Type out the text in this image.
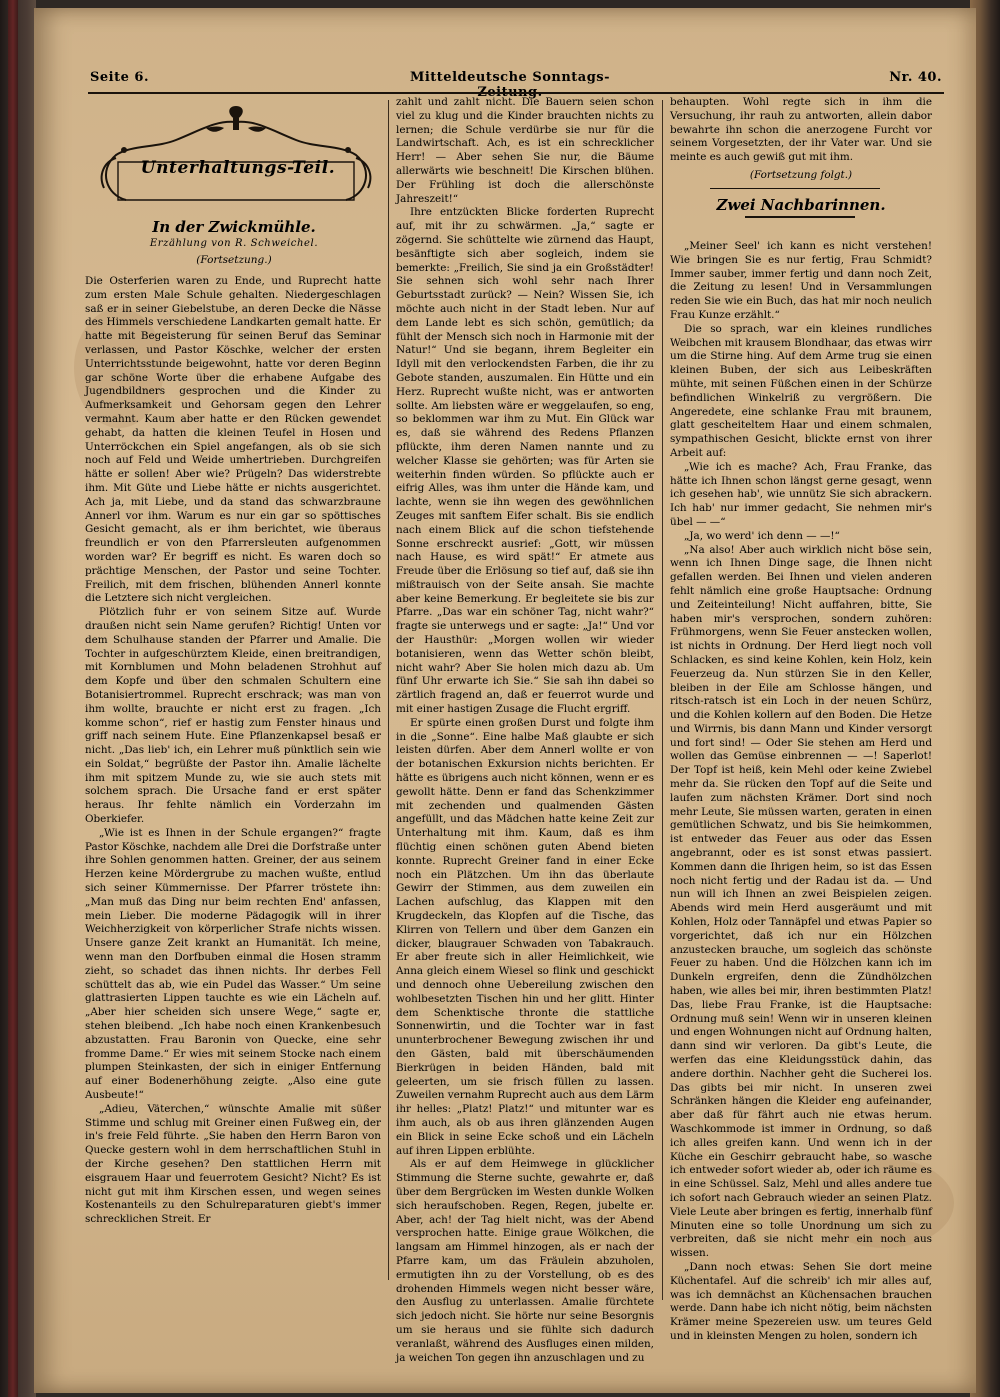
Seite 6.	Mitteldeutsche Sonntags-Zeitung.
Nr. 40.
Unterhaltungs-Teil.
In der Zwickmühle.
Erzählung von R. Schweichel.
(Fortsetzung.)

Die Osterferien waren zu Ende, und Ruprecht hatte zum ersten Male Schule gehalten. Niedergeschlagen saß er in seiner Giebelstube, an deren Decke die Nässe des Himmels verschiedene Landkarten gemalt hatte. Er hatte mit Begeisterung für seinen Beruf das Seminar verlassen, und Pastor Köschke, welcher der ersten Unterrichtsstunde beigewohnt, hatte vor deren Beginn gar schöne Worte über die erhabene Aufgabe des Jugendbildners gesprochen und die Kinder zu Aufmerksamkeit und Gehorsam gegen den Lehrer vermahnt. Kaum aber hatte er den Rücken gewendet gehabt, da hatten die kleinen Teufel in Hosen und Unterröckchen ein Spiel angefangen, als ob sie sich noch auf Feld und Weide umhertrieben. Durchgreifen hätte er sollen! Aber wie? Prügeln? Das widerstrebte ihm. Mit Güte und Liebe hätte er nichts ausgerichtet. Ach ja, mit Liebe, und da stand das schwarzbraune Annerl vor ihm. Warum es nur ein gar so spöttisches Gesicht gemacht, als er ihm berichtet, wie überaus freundlich er von den Pfarrersleuten aufgenommen worden war? Er begriff es nicht. Es waren doch so prächtige Menschen, der Pastor und seine Tochter. Freilich, mit dem frischen, blühenden Annerl konnte die Letztere sich nicht vergleichen.

Plötzlich fuhr er von seinem Sitze auf. Wurde draußen nicht sein Name gerufen? Richtig! Unten vor dem Schulhause standen der Pfarrer und Amalie. Die Tochter in aufgeschürztem Kleide, einen breitrandigen, mit Kornblumen und Mohn beladenen Strohhut auf dem Kopfe und über den schmalen Schultern eine Botanisiertrommel. Ruprecht erschrack; was man von ihm wollte, brauchte er nicht erst zu fragen. „Ich komme schon“, rief er hastig zum Fenster hinaus und griff nach seinem Hute. Eine Pflanzenkapsel besaß er nicht. „Das lieb' ich, ein Lehrer muß pünktlich sein wie ein Soldat,“ begrüßte der Pastor ihn. Amalie lächelte ihm mit spitzem Munde zu, wie sie auch stets mit solchem sprach. Die Ursache fand er erst später heraus. Ihr fehlte nämlich ein Vorderzahn im Oberkiefer.

„Wie ist es Ihnen in der Schule ergangen?“ fragte Pastor Köschke, nachdem alle Drei die Dorfstraße unter ihre Sohlen genommen hatten. Greiner, der aus seinem Herzen keine Mördergrube zu machen wußte, entlud sich seiner Kümmernisse. Der Pfarrer tröstete ihn: „Man muß das Ding nur beim rechten End' anfassen, mein Lieber. Die moderne Pädagogik will in ihrer Weichherzigkeit von körperlicher Strafe nichts wissen. Unsere ganze Zeit krankt an Humanität. Ich meine, wenn man den Dorfbuben einmal die Hosen stramm zieht, so schadet das ihnen nichts. Ihr derbes Fell schüttelt das ab, wie ein Pudel das Wasser.“ Um seine glattrasierten Lippen tauchte es wie ein Lächeln auf. „Aber hier scheiden sich unsere Wege,“ sagte er, stehen bleibend. „Ich habe noch einen Krankenbesuch abzustatten. Frau Baronin von Quecke, eine sehr fromme Dame.“ Er wies mit seinem Stocke nach einem plumpen Steinkasten, der sich in einiger Entfernung auf einer Bodenerhöhung zeigte. „Also eine gute Ausbeute!“

„Adieu, Väterchen,“ wünschte Amalie mit süßer Stimme und schlug mit Greiner einen Fußweg ein, der in's freie Feld führte. „Sie haben den Herrn Baron von Quecke gestern wohl in dem herrschaftlichen Stuhl in der Kirche gesehen? Den stattlichen Herrn mit eisgrauem Haar und feuerrotem Gesicht? Nicht? Es ist nicht gut mit ihm Kirschen essen, und wegen seines Kostenanteils zu den Schulreparaturen giebt's immer schrecklichen Streit. Er

zahlt und zahlt nicht. Die Bauern seien schon viel zu klug und die Kinder brauchten nichts zu lernen; die Schule verdürbe sie nur für die Landwirtschaft. Ach, es ist ein schrecklicher Herr! — Aber sehen Sie nur, die Bäume allerwärts wie beschneit! Die Kirschen blühen. Der Frühling ist doch die allerschönste Jahreszeit!“

Ihre entzückten Blicke forderten Ruprecht auf, mit ihr zu schwärmen. „Ja,“ sagte er zögernd. Sie schüttelte wie zürnend das Haupt, besänftigte sich aber sogleich, indem sie bemerkte: „Freilich, Sie sind ja ein Großstädter! Sie sehnen sich wohl sehr nach Ihrer Geburtsstadt zurück? — Nein? Wissen Sie, ich möchte auch nicht in der Stadt leben. Nur auf dem Lande lebt es sich schön, gemütlich; da fühlt der Mensch sich noch in Harmonie mit der Natur!“ Und sie begann, ihrem Begleiter ein Idyll mit den verlockendsten Farben, die ihr zu Gebote standen, auszumalen. Ein Hütte und ein Herz. Ruprecht wußte nicht, was er antworten sollte. Am liebsten wäre er weggelaufen, so eng, so beklommen war ihm zu Mut. Ein Glück war es, daß sie während des Redens Pflanzen pflückte, ihm deren Namen nannte und zu welcher Klasse sie gehörten; was für Arten sie weiterhin finden würden. So pflückte auch er eifrig Alles, was ihm unter die Hände kam, und lachte, wenn sie ihn wegen des gewöhnlichen Zeuges mit sanftem Eifer schalt. Bis sie endlich nach einem Blick auf die schon tiefstehende Sonne erschreckt ausrief: „Gott, wir müssen nach Hause, es wird spät!“ Er atmete aus Freude über die Erlösung so tief auf, daß sie ihn mißtrauisch von der Seite ansah. Sie machte aber keine Bemerkung. Er begleitete sie bis zur Pfarre. „Das war ein schöner Tag, nicht wahr?“ fragte sie unterwegs und er sagte: „Ja!“ Und vor der Hausthür: „Morgen wollen wir wieder botanisieren, wenn das Wetter schön bleibt, nicht wahr? Aber Sie holen mich dazu ab. Um fünf Uhr erwarte ich Sie.“ Sie sah ihn dabei so zärtlich fragend an, daß er feuerrot wurde und mit einer hastigen Zusage die Flucht ergriff.

Er spürte einen großen Durst und folgte ihm in die „Sonne“. Eine halbe Maß glaubte er sich leisten dürfen. Aber dem Annerl wollte er von der botanischen Exkursion nichts berichten. Er hätte es übrigens auch nicht können, wenn er es gewollt hätte. Denn er fand das Schenkzimmer mit zechenden und qualmenden Gästen angefüllt, und das Mädchen hatte keine Zeit zur Unterhaltung mit ihm. Kaum, daß es ihm flüchtig einen schönen guten Abend bieten konnte. Ruprecht Greiner fand in einer Ecke noch ein Plätzchen. Um ihn das überlaute Gewirr der Stimmen, aus dem zuweilen ein Lachen aufschlug, das Klappen mit den Krugdeckeln, das Klopfen auf die Tische, das Klirren von Tellern und über dem Ganzen ein dicker, blaugrauer Schwaden von Tabakrauch. Er aber freute sich in aller Heimlichkeit, wie Anna gleich einem Wiesel so flink und geschickt und dennoch ohne Uebereilung zwischen den wohlbesetzten Tischen hin und her glitt. Hinter dem Schenktische thronte die stattliche Sonnenwirtin, und die Tochter war in fast ununterbrochener Bewegung zwischen ihr und den Gästen, bald mit überschäumenden Bierkrügen in beiden Händen, bald mit geleerten, um sie frisch füllen zu lassen. Zuweilen vernahm Ruprecht auch aus dem Lärm ihr helles: „Platz! Platz!“ und mitunter war es ihm auch, als ob aus ihren glänzenden Augen ein Blick in seine Ecke schoß und ein Lächeln auf ihren Lippen erblühte.

Als er auf dem Heimwege in glücklicher Stimmung die Sterne suchte, gewahrte er, daß über dem Bergrücken im Westen dunkle Wolken sich heraufschoben. Regen, Regen, jubelte er. Aber, ach! der Tag hielt nicht, was der Abend versprochen hatte. Einige graue Wölkchen, die langsam am Himmel hinzogen, als er nach der Pfarre kam, um das Fräulein abzuholen, ermutigten ihn zu der Vorstellung, ob es des drohenden Himmels wegen nicht besser wäre, den Ausflug zu unterlassen. Amalie fürchtete sich jedoch nicht. Sie hörte nur seine Besorgnis um sie heraus und sie fühlte sich dadurch veranlaßt, während des Ausfluges einen milden, ja weichen Ton gegen ihn anzuschlagen und zu

behaupten. Wohl regte sich in ihm die Versuchung, ihr rauh zu antworten, allein dabor bewahrte ihn schon die anerzogene Furcht vor seinem Vorgesetzten, der ihr Vater war. Und sie meinte es auch gewiß gut mit ihm.

(Fortsetzung folgt.)
Zwei Nachbarinnen.

„Meiner Seel' ich kann es nicht verstehen! Wie bringen Sie es nur fertig, Frau Schmidt? Immer sauber, immer fertig und dann noch Zeit, die Zeitung zu lesen! Und in Versammlungen reden Sie wie ein Buch, das hat mir noch neulich Frau Kunze erzählt.“

Die so sprach, war ein kleines rundliches Weibchen mit krausem Blondhaar, das etwas wirr um die Stirne hing. Auf dem Arme trug sie einen kleinen Buben, der sich aus Leibeskräften mühte, mit seinen Füßchen einen in der Schürze befindlichen Winkelriß zu vergrößern. Die Angeredete, eine schlanke Frau mit braunem, glatt gescheiteltem Haar und einem schmalen, sympathischen Gesicht, blickte ernst von ihrer Arbeit auf:

„Wie ich es mache? Ach, Frau Franke, das hätte ich Ihnen schon längst gerne gesagt, wenn ich gesehen hab', wie unnütz Sie sich abrackern. Ich hab' nur immer gedacht, Sie nehmen mir's übel — —“

„Ja, wo werd' ich denn — —!“

„Na also! Aber auch wirklich nicht böse sein, wenn ich Ihnen Dinge sage, die Ihnen nicht gefallen werden. Bei Ihnen und vielen anderen fehlt nämlich eine große Hauptsache: Ordnung und Zeiteinteilung! Nicht auffahren, bitte, Sie haben mir's versprochen, sondern zuhören: Frühmorgens, wenn Sie Feuer anstecken wollen, ist nichts in Ordnung. Der Herd liegt noch voll Schlacken, es sind keine Kohlen, kein Holz, kein Feuerzeug da. Nun stürzen Sie in den Keller, bleiben in der Eile am Schlosse hängen, und ritsch-ratsch ist ein Loch in der neuen Schürz, und die Kohlen kollern auf den Boden. Die Hetze und Wirrnis, bis dann Mann und Kinder versorgt und fort sind! — Oder Sie stehen am Herd und wollen das Gemüse einbrennen — —! Saperlot! Der Topf ist heiß, kein Mehl oder keine Zwiebel mehr da. Sie rücken den Topf auf die Seite und laufen zum nächsten Krämer. Dort sind noch mehr Leute, Sie müssen warten, geraten in einen gemütlichen Schwatz, und bis Sie heimkommen, ist entweder das Feuer aus oder das Essen angebrannt, oder es ist sonst etwas passiert. Kommen dann die Ihrigen heim, so ist das Essen noch nicht fertig und der Radau ist da. — Und nun will ich Ihnen an zwei Beispielen zeigen. Abends wird mein Herd ausgeräumt und mit Kohlen, Holz oder Tannäpfel und etwas Papier so vorgerichtet, daß ich nur ein Hölzchen anzustecken brauche, um sogleich das schönste Feuer zu haben. Und die Hölzchen kann ich im Dunkeln ergreifen, denn die Zündhölzchen haben, wie alles bei mir, ihren bestimmten Platz! Das, liebe Frau Franke, ist die Hauptsache: Ordnung muß sein! Wenn wir in unseren kleinen und engen Wohnungen nicht auf Ordnung halten, dann sind wir verloren. Da gibt's Leute, die werfen das eine Kleidungsstück dahin, das andere dorthin. Nachher geht die Sucherei los. Das gibts bei mir nicht. In unseren zwei Schränken hängen die Kleider eng aufeinander, aber daß für fährt auch nie etwas herum. Waschkommode ist immer in Ordnung, so daß ich alles greifen kann. Und wenn ich in der Küche ein Geschirr gebraucht habe, so wasche ich entweder sofort wieder ab, oder ich räume es in eine Schüssel. Salz, Mehl und alles andere tue ich sofort nach Gebrauch wieder an seinen Platz. Viele Leute aber bringen es fertig, innerhalb fünf Minuten eine so tolle Unordnung um sich zu verbreiten, daß sie nicht mehr ein noch aus wissen.

„Dann noch etwas: Sehen Sie dort meine Küchentafel. Auf die schreib' ich mir alles auf, was ich demnächst an Küchensachen brauchen werde. Dann habe ich nicht nötig, beim nächsten Krämer meine Spezereien usw. um teures Geld und in kleinsten Mengen zu holen, sondern ich
